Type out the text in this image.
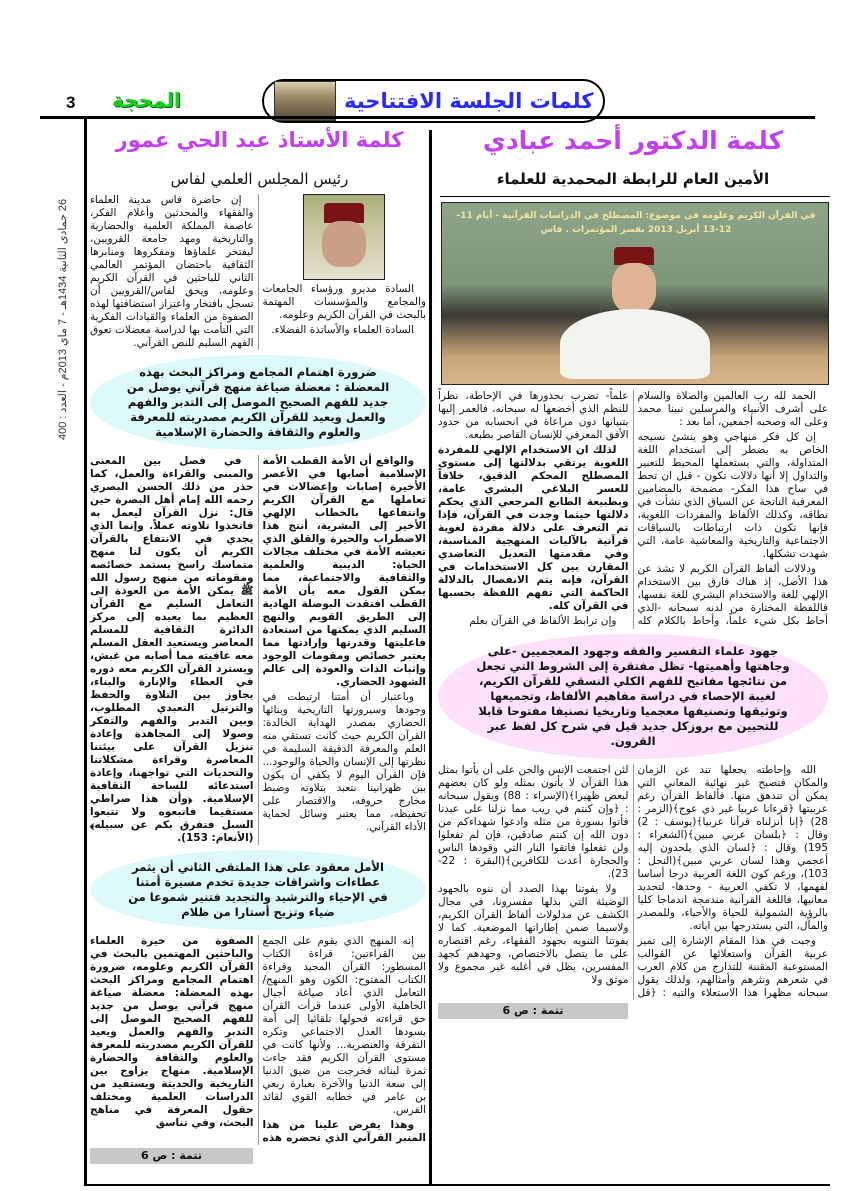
3 المحجة	كلمات الجلسة الافتتاحية
26 جمادى الثانية 1434هـ - 7 ماي 2013م - العدد : 400
كلمة الدكتور أحمد عبادي
الأمين العام للرابطة المحمدية للعلماء
في القرآن الكريم وعلومه في موضوع: المصطلح في الدراسات القرآنية - أيام 11-12-13 أبريل 2013 بقصر المؤتمرات . فاس

الحمد لله رب العالمين والصلاة والسلام على أشرف الأنبياء والمرسلين نبينا محمد وعلى اله وصحبه أجمعين، أما بعد :

إن كل فكر منهاجي وهو ينشئ نسيجه الخاص به يضطر إلى استخدام اللغة المتداولة، والتي يستعملها المحيط للتعبير والتداول إلا أنها دلالات تكون - قبل ان تحط في ساح هذا الفكر- مضمخة بالمضامين المعرفية الناتجة عن السياق الذي نشأت في نطاقه، وكذلك الألفاظ والمفردات اللغوية، فإنها تكون ذات ارتباطات بالسياقات الاجتماعية والتاريخية والمعاشية عامة، التي شهدت تشكلها.

ودلالات ألفاظ القرآن الكريم لا تشذ عن هذا الأصل، إذ هناك فارق بين الاستخدام الإلهي للغة والاستخدام البشري للغة نفسها، فاللفظة المختارة من لدنه سبحانه -الذي أحاط بكل شيء علماً، وأحاط بالكلام كله علماً- تضرب بجذورها في الإحاطة، نظراً للنظم الذي أخضعها له سبحانه، فالعمر إليها بتبيانها دون مراعاة في انحسابه من حدود الأفق المعرفي للإنسان القاصر بطبعه.

لذلك ان الاستخدام الإلهي للمفردة اللغوية يرتقي بدلالتها إلى مستوى المصطلح المحكم الدقيق، خلافاً للعسر البلاغي البشري عامة، وبطبيعة الطابع المرجعي الذي يحكم دلالتها حيثما وجدت في القرآن، فإذا تم التعرف على دلالة مفردة لغوية قرآنية بالآليات المنهجية المناسبة، وفي مقدمتها التعديل التعاضدي المقارن بين كل الاستخدامات في القرآن، فإنه يتم الانفصال بالدلالة الحاكمة التي تفهم اللفظة بحسبها في القرآن كله.

وإن ترابط الألفاظ في القرآن بعلم

جهود علماء التفسير والفقه وجهود المعجميين -على وجاهتها وأهميتها- تظل مفتقرة إلى الشروط التي تجعل من نتائجها مفاتيح للفهم الكلي النسقي للقرآن الكريم، لغيبة الإحصاء في دراسة مفاهيم الألفاظ، وتجميعها وتوثيقها وتصنيفها معجميا وتاريخيا تصنيفا مفتوحا قابلا للتحيين مع بروزكل جديد قيل في شرح كل لفظ عبر القرون.

الله وإحاطته يجعلها تند عن الزمان والمكان فتصبح غير نهائية المعاني التي يمكن أن تندهق منها. فألفاظ القرآن رغم عربيتها ﴿قرءانا عربيا غير ذي عوج﴾(الزمر : 28) ﴿إنا أنزلناه قرآنا عربيا﴾(يوسف : 2) وقال : ﴿بلسان عربي مبين﴾(الشعراء : 195) وقال : ﴿لسان الذي يلحدون إليه أعجمي وهذا لسان عربي مبين﴾(النحل : 103)، ورغم كون اللغة العربية درجا أساسا لفهمها، لا تكفي العربية - وحدها- لتحديد معانيها، فاللغة القرآنية مندمجة اندماجا كليا بالرؤية الشمولية للحياة والأحياء، وللمصدر والمآل، التي يستدرجها بين اياته.

وجبت في هذا المقام الإشارة إلى تميز عربية القرآن واستعلائها عن القوالب المستوعبة المقننة للتدارج من كلام العرب في شعرهم ونثرهم وأمثالهم، ولذلك يقول سبحانه مظهرا هذا الاستعلاء والتيه : ﴿قل لئن اجتمعت الإنس والجن على أن يأتوا بمثل هذا القرآن لا يأتون بمثله ولو كان بعضهم لبعض ظهيرا﴾(الإسراء : 88) ويقول سبحانه : ﴿وإن كنتم في ريب مما نزلنا على عبدنا فأتوا بسورة من مثله وادعوا شهداءكم من دون الله إن كنتم صادقين، فإن لم تفعلوا ولن تفعلوا فاتقوا النار التي وقودها الناس والحجارة أعدت للكافرين﴾(البقرة : 22-23).

ولا يفوتنا بهذا الصدد أن ننوه بالجهود الوضيئة التي بذلها مفسرونا، في مجال الكشف عن مدلولات ألفاظ القرآن الكريم، ولاسيما ضمن إطاراتها الموضعية. كما لا يفوتنا التنويه بجهود الفقهاء، رغم اقتصاره على ما يتصل بالاختصاص، وجهدهم كجهد المفسرين، يظل في أغلبه غير مجموع ولا موثق ولا

تتمة : ص 6
كلمة الأستاذ عبد الحي عمور
رئيس المجلس العلمي لفاس

السادة مديرو ورؤساء الجامعات والمجامع والمؤسسات المهتمة بالبحث في القرآن الكريم وعلومه.

السادة العلماء والأساتذة الفضلاء.

إن حاضرة فاس مدينة العلماء والفقهاء والمحدثين وأعلام الفكر، عاصمة المملكة العلمية والحضارية والتاريخية ومهد جامعة القرويين، ليفتخر علماؤها ومفكروها ومنابرها الثقافية باحتضان المؤتمر العالمي الثاني للباحثين في القرآن الكريم وعلومه، ويحق لفاس/القرويين أن تسجل بافتخار واعتزاز استضافتها لهذه الصفوة من العلماء والقيادات الفكرية التي التأمت بها لدراسة معضلات تعوق الفهم السليم للنص القرآني.

ضرورة اهتمام المجامع ومراكز البحث بهذه المعضلة : معضلة صياغة منهج قرآني يوصل من جديد للفهم الصحيح الموصل إلى التدبر والفهم والعمل ويعيد للقرآن الكريم مصدريته للمعرفة والعلوم والثقافة والحضارة الإسلامية

والواقع أن الأمة القطب الأمة الإسلامية أصابها في الأعصر الأخيرة إصابات وإعضالات في تعاملها مع القرآن الكريم وانتفاعها بالخطاب الإلهي الأخير إلى البشرية، أنتج هذا الاضطراب والحيرة والقلق الذي تعيشه الأمة في مختلف مجالات الحياة: الدينية والعلمية والثقافية والاجتماعية، مما يمكن القول معه بأن الأمة القطب افتقدت البوصلة الهادية إلى الطريق القويم والنهج السليم الذي يمكنها من استعادة فاعليتها وقدرتها وإرادتها مما يعتبر خصائص ومقومات الوجود وإثبات الذات والعودة إلى عالم الشهود الحضاري.

وباعتبار أن أمتنا ارتبطت في وجودها وسيرورتها التاريخية وبنائها الحضاري بمصدر الهداية الخالدة: القرآن الكريم حيث كانت تستقي منه العلم والمعرفة الدقيقة السليمة في نظرتها إلى الإنسان والحياة والوجود... فإن القرآن اليوم لا يكفي أن يكون بين ظهرانينا نتعبد بتلاوته وضبط مخارج حروفه، والاقتصار على تحفيظه، مما يعتبر وسائل لحماية الأداء القرآني.

في فصل بين المعنى والمبنى والقراءة والعمل، كما حذر من ذلك الحسن البصري رحمه الله إمام أهل البصرة حين قال: نزل القرآن ليعمل به فاتخذوا تلاوته عملاً. وإنما الذي يجدي في الانتفاع بالقرآن الكريم أن يكون لنا منهج متماسك راسخ يستمد خصائصه ومقوماته من منهج رسول الله ﷺ يمكن الأمة من العودة إلى التعامل السليم مع القرآن العظيم بما يعيده إلى مركز الدائرة الثقافية للمسلم المعاصر ويستعيد العقل المسلم معه عافيته مما أصابه من غبش، ويسترد القرآن الكريم معه دوره في العطاء والإنارة والبناء، يجاوز بين التلاوة والحفظ والترتيل التعبدي المطلوب، وبين التدبر والفهم والتفكر وصولا إلى المجاهدة وإعادة تنزيل القرآن على بيئتنا المعاصرة وقراءة مشكلاتنا والتحديات التي تواجهنا، وإعادة استدعائه للساحة الثقافية الإسلامية. ﴿وأن هذا صراطي مستقيما فاتبعوه ولا تتبعوا السبل فتفرق بكم عن سبيله﴾(الأنعام: 153).

الأمل معقود على هذا الملتقى الثاني أن يثمر عطاءات واشراقات جديدة تخدم مسيرة أمتنا في الإحياء والترشيد والتجديد فتنير شموعا من ضياء وتزيح أستارا من ظلام

إنه المنهج الذي يقوم على الجمع بين القراءتين: قراءة الكتاب المسطور: القرآن المجيد وقراءة الكتاب المفتوح: الكون وهو المنهج/التعامل الذي أعاد صياغة أجيال الجاهلية الأولى عندما قرأت القرآن حق قراءته فحولها تلقائيا إلى أمة يسودها العدل الاجتماعي وتكره التفرقة والعنصرية... ولأنها كانت في مستوى القرآن الكريم فقد جاءت ثمرة لبنائه فخرجت من ضيق الدنيا إلى سعة الدنيا والآخرة بعبارة ربعي بن عامر في خطابه القوي لقائد الفرس.

وهذا يفرض علينا من هذا المنبر القرآني الذي تحضره هذه الصفوة من خيرة العلماء والباحثين المهتمين بالبحث في القرآن الكريم وعلومه، ضرورة اهتمام المجامع ومراكز البحث بهذه المعضلة: معضلة صياغة منهج قرآني يوصل من جديد للفهم الصحيح الموصل إلى التدبر والفهم والعمل ويعيد للقرآن الكريم مصدريته للمعرفة والعلوم والثقافة والحضارة الإسلامية. منهاج يزاوج بين التاريخية والحديثة ويستفيد من الدراسات العلمية ومختلف حقول المعرفة في مناهج البحث، وفي تناسق

تتمة : ص 6
